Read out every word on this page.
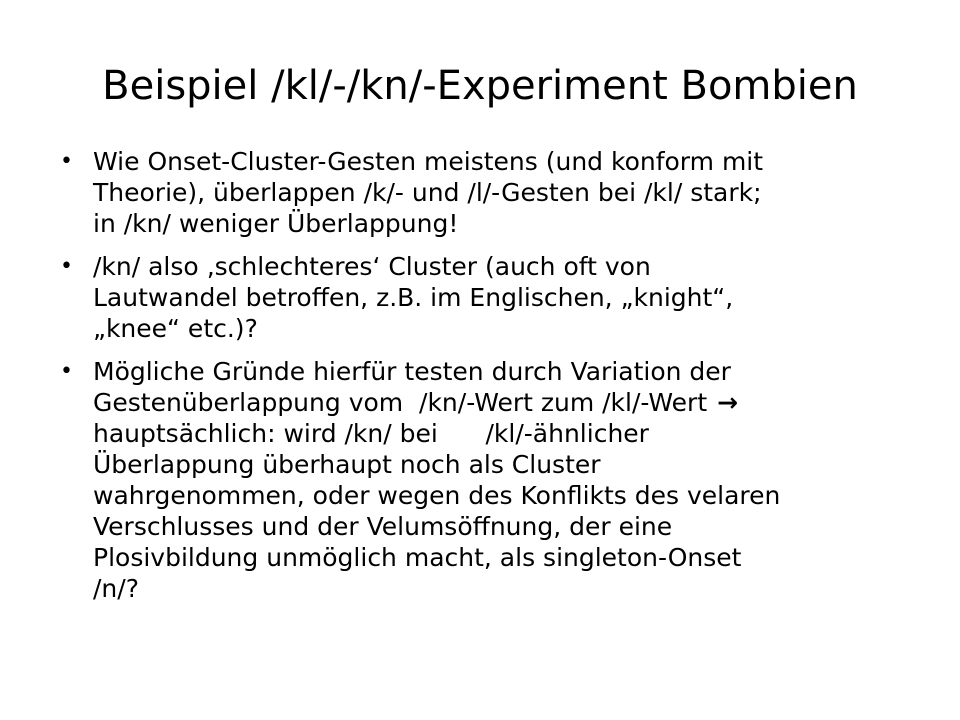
Beispiel /kl/-/kn/-Experiment Bombien
• Wie Onset-Cluster-Gesten meistens (und konform mit
Theorie), überlappen /k/- und /l/-Gesten bei /kl/ stark;
in /kn/ weniger Überlappung!
• /kn/ also ‚schlechteres‘ Cluster (auch oft von
Lautwandel betroffen, z.B. im Englischen, „knight“,
„knee“ etc.)?
• Mögliche Gründe hierfür testen durch Variation der
Gestenüberlappung vom  /kn/-Wert zum /kl/-Wert →
hauptsächlich: wird /kn/ bei      /kl/-ähnlicher
Überlappung überhaupt noch als Cluster
wahrgenommen, oder wegen des Konflikts des velaren
Verschlusses und der Velumsöffnung, der eine
Plosivbildung unmöglich macht, als singleton-Onset
/n/?
